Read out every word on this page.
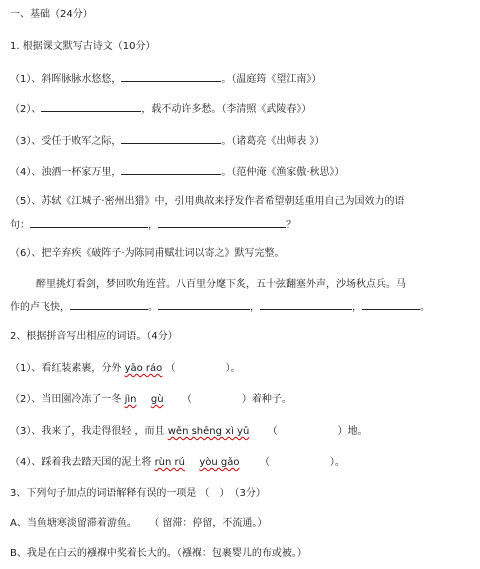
一、基础（24分）
1. 根据课文默写古诗文（10分）
（1）、斜晖脉脉水悠悠，	。（温庭筠《望江南》）
（2）、	，载不动许多愁。（李清照《武陵春》）
（3）、受任于败军之际，	。（诸葛亮《出师表 》）
（4）、浊酒一杯家万里，	。（范仲淹《渔家傲·秋思》）
（5）、苏轼《江城子·密州出猎》中，引用典故来抒发作者希望朝廷重用自己为国效力的语
句：	，	？
（6）、把辛弃疾《破阵子·为陈同甫赋壮词以寄之》默写完整。
醉里挑灯看剑，梦回吹角连营。八百里分麾下炙，五十弦翻塞外声，沙场秋点兵。马
作的卢飞快，	。	，	，	。
2、根据拼音写出相应的词语。（4分）
（1）、看红装素裹，分外 yāo ráo （　　　　　）。
（2）、当田園冷冻了一冬 jìn gù （　　　　　）着种子。
（3）、我来了，我走得很轻 ，而且 wěn shēng xì yǔ （　　　　　　）地。
（4）、踩着我去踏天国的泥土将 rùn rú yòu gǎo （　　　　　　）。
3、下列句子加点的词语解释有误的一项是 （　）　（3分）
A、当鱼塘寒淡留滞着游鱼。 （ 留滞：停留，不流通。）
B、我是在白云的襁褓中奖着长大的。（襁褓：包裹婴儿的布或被。）
